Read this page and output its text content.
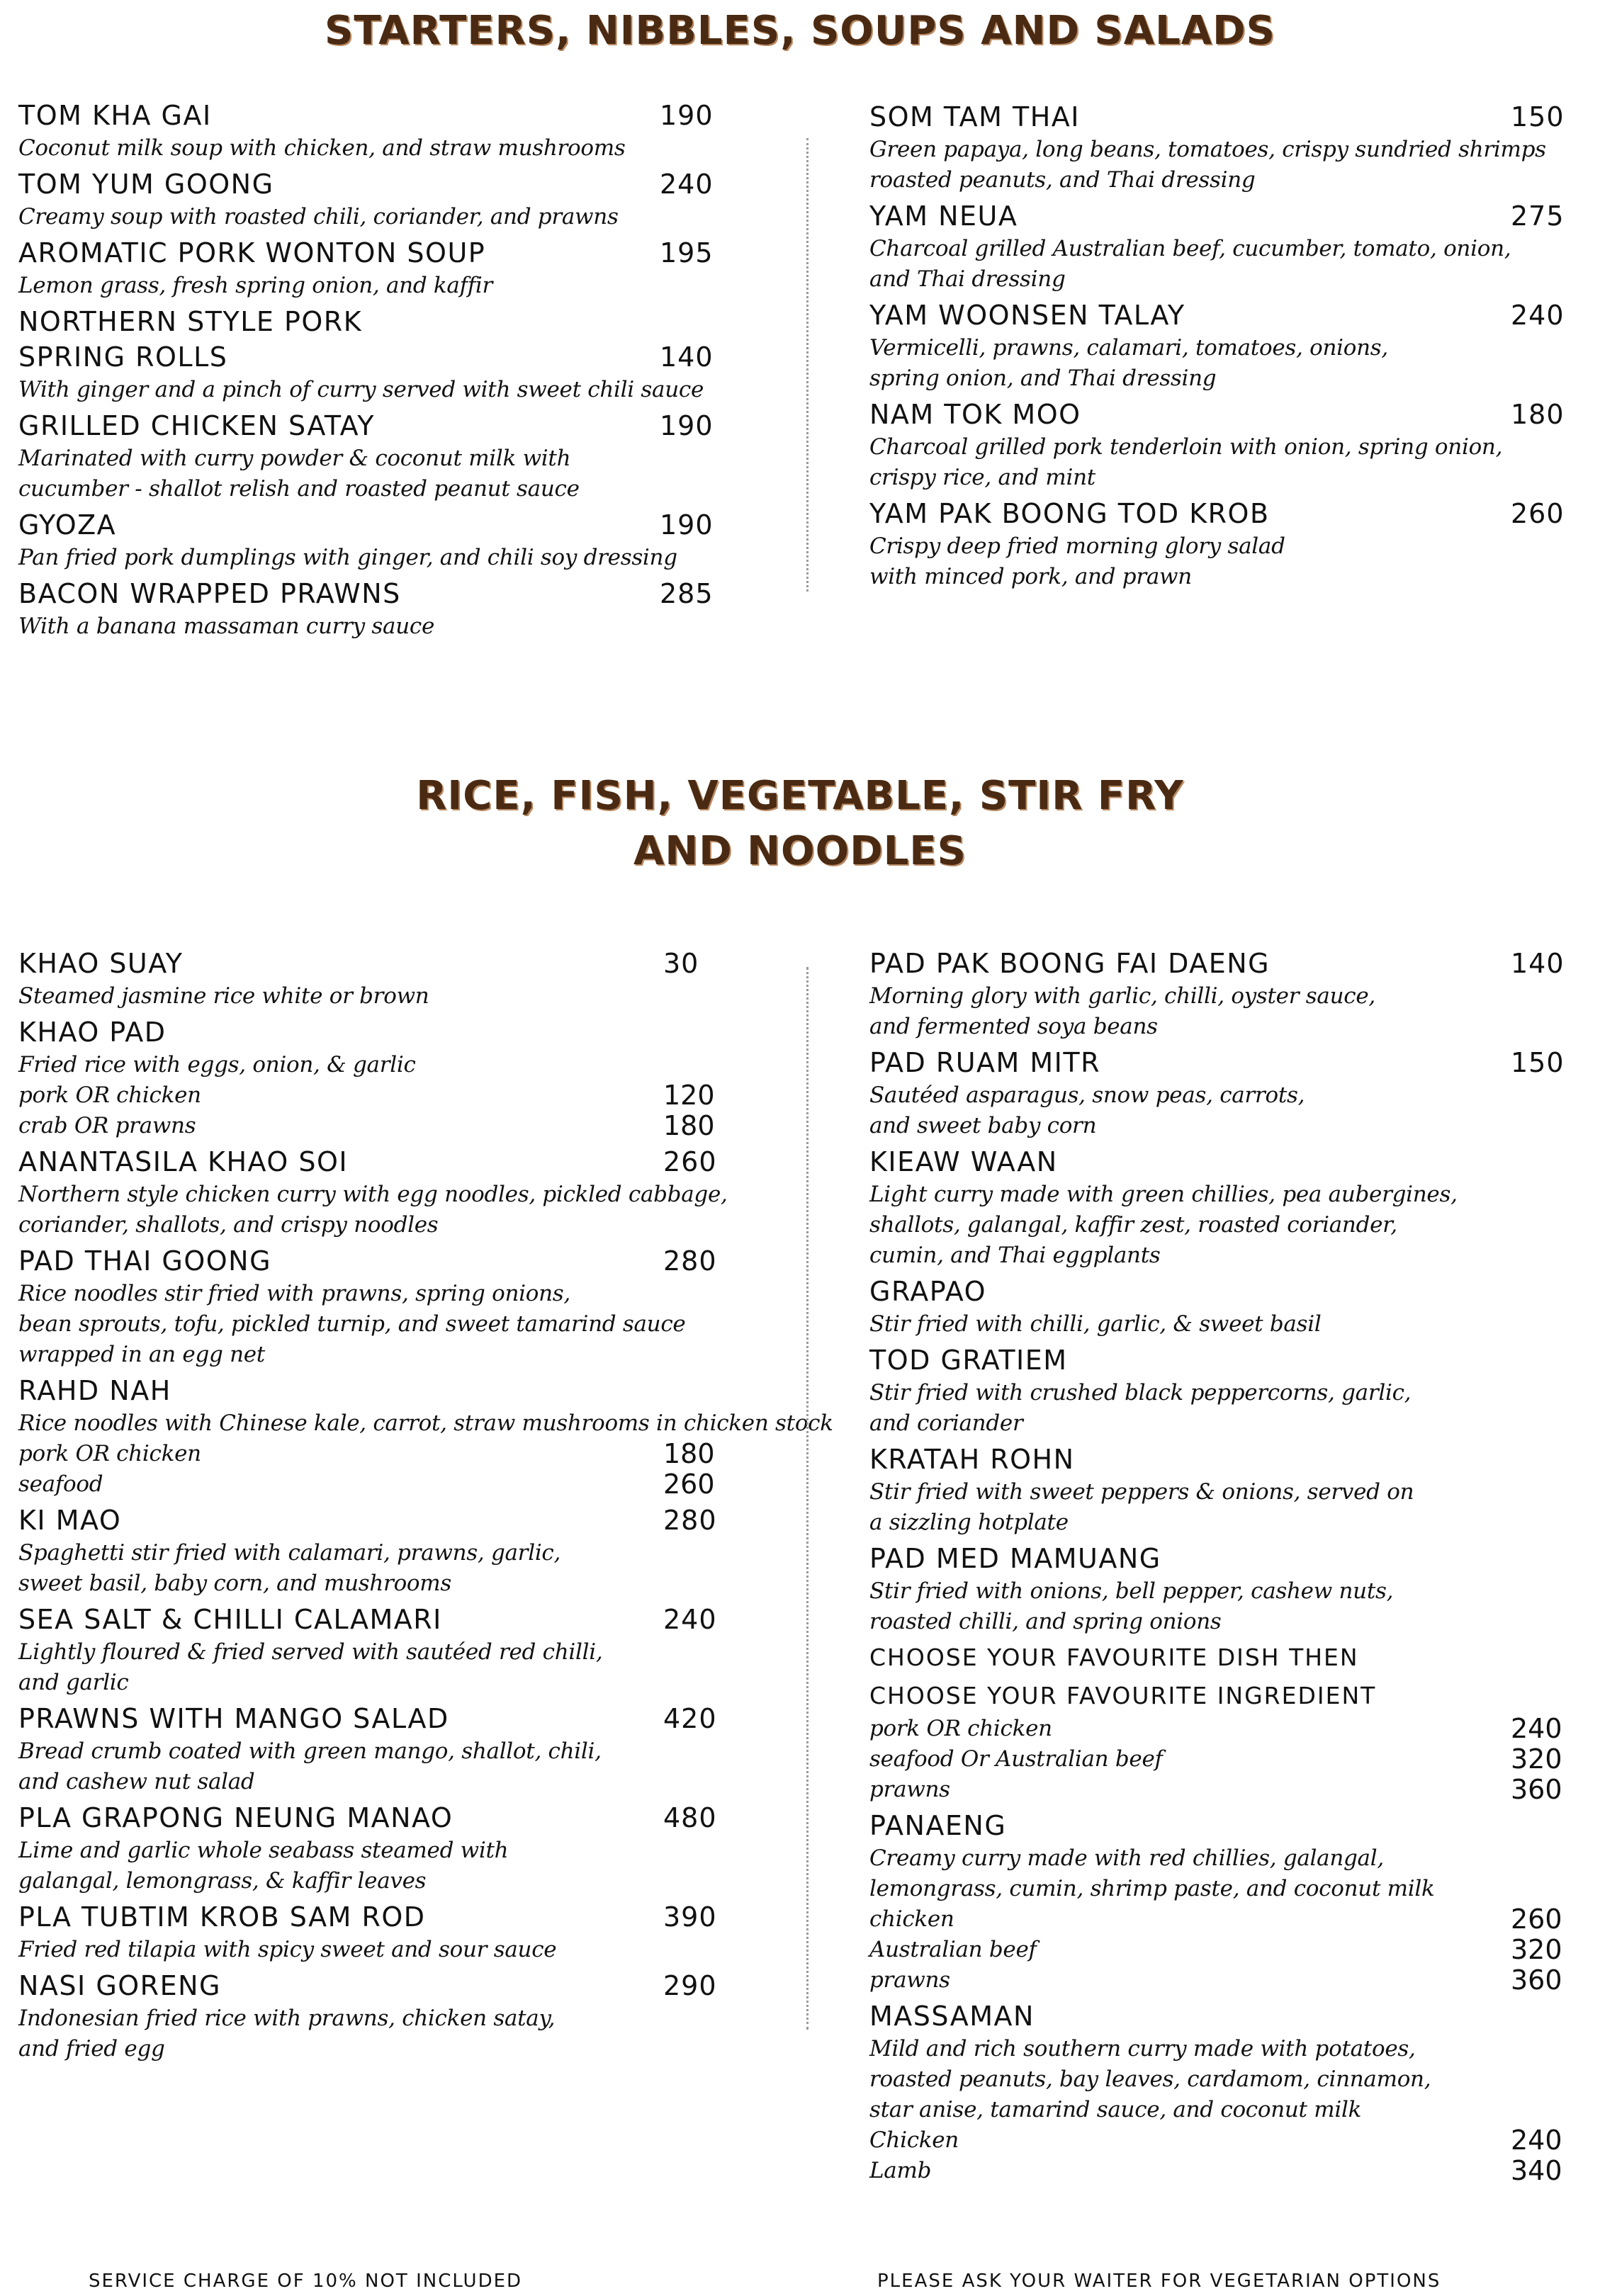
STARTERS, NIBBLES, SOUPS AND SALADS
TOM KHA GAI	190
Coconut milk soup with chicken, and straw mushrooms
TOM YUM GOONG	240
Creamy soup with roasted chili, coriander, and prawns
AROMATIC PORK WONTON SOUP	195
Lemon grass, fresh spring onion, and kaffir
NORTHERN STYLE PORK
SPRING ROLLS	140
With ginger and a pinch of curry served with sweet chili sauce
GRILLED CHICKEN SATAY	190
Marinated with curry powder & coconut milk with
cucumber - shallot relish and roasted peanut sauce
GYOZA	190
Pan fried pork dumplings with ginger, and chili soy dressing
BACON WRAPPED PRAWNS	285
With a banana massaman curry sauce
SOM TAM THAI	150
Green papaya, long beans, tomatoes, crispy sundried shrimps
roasted peanuts, and Thai dressing
YAM NEUA	275
Charcoal grilled Australian beef, cucumber, tomato, onion,
and Thai dressing
YAM WOONSEN TALAY	240
Vermicelli, prawns, calamari, tomatoes, onions,
spring onion, and Thai dressing
NAM TOK MOO	180
Charcoal grilled pork tenderloin with onion, spring onion,
crispy rice, and mint
YAM PAK BOONG TOD KROB	260
Crispy deep fried morning glory salad
with minced pork, and prawn
RICE, FISH, VEGETABLE, STIR FRY
AND NOODLES
KHAO SUAY	30
Steamed jasmine rice white or brown
KHAO PAD
Fried rice with eggs, onion, & garlic
pork OR chicken	120
crab OR prawns	180
ANANTASILA KHAO SOI	260
Northern style chicken curry with egg noodles, pickled cabbage,
coriander, shallots, and crispy noodles
PAD THAI GOONG	280
Rice noodles stir fried with prawns, spring onions,
bean sprouts, tofu, pickled turnip, and sweet tamarind sauce
wrapped in an egg net
RAHD NAH
Rice noodles with Chinese kale, carrot, straw mushrooms in chicken stock
pork OR chicken	180
seafood	260
KI MAO	280
Spaghetti stir fried with calamari, prawns, garlic,
sweet basil, baby corn, and mushrooms
SEA SALT & CHILLI CALAMARI	240
Lightly floured & fried served with sautéed red chilli,
and garlic
PRAWNS WITH MANGO SALAD	420
Bread crumb coated with green mango, shallot, chili,
and cashew nut salad
PLA GRAPONG NEUNG MANAO	480
Lime and garlic whole seabass steamed with
galangal, lemongrass, & kaffir leaves
PLA TUBTIM KROB SAM ROD	390
Fried red tilapia with spicy sweet and sour sauce
NASI GORENG	290
Indonesian fried rice with prawns, chicken satay,
and fried egg
PAD PAK BOONG FAI DAENG	140
Morning glory with garlic, chilli, oyster sauce,
and fermented soya beans
PAD RUAM MITR	150
Sautéed asparagus, snow peas, carrots,
and sweet baby corn
KIEAW WAAN
Light curry made with green chillies, pea aubergines,
shallots, galangal, kaffir zest, roasted coriander,
cumin, and Thai eggplants
GRAPAO
Stir fried with chilli, garlic, & sweet basil
TOD GRATIEM
Stir fried with crushed black peppercorns, garlic,
and coriander
KRATAH ROHN
Stir fried with sweet peppers & onions, served on
a sizzling hotplate
PAD MED MAMUANG
Stir fried with onions, bell pepper, cashew nuts,
roasted chilli, and spring onions
CHOOSE YOUR FAVOURITE DISH THEN
CHOOSE YOUR FAVOURITE INGREDIENT
pork OR chicken	240
seafood Or Australian beef	320
prawns	360
PANAENG
Creamy curry made with red chillies, galangal,
lemongrass, cumin, shrimp paste, and coconut milk
chicken	260
Australian beef	320
prawns	360
MASSAMAN
Mild and rich southern curry made with potatoes,
roasted peanuts, bay leaves, cardamom, cinnamon,
star anise, tamarind sauce, and coconut milk
Chicken	240
Lamb	340
SERVICE CHARGE OF 10% NOT INCLUDED	PLEASE ASK YOUR WAITER FOR VEGETARIAN OPTIONS
